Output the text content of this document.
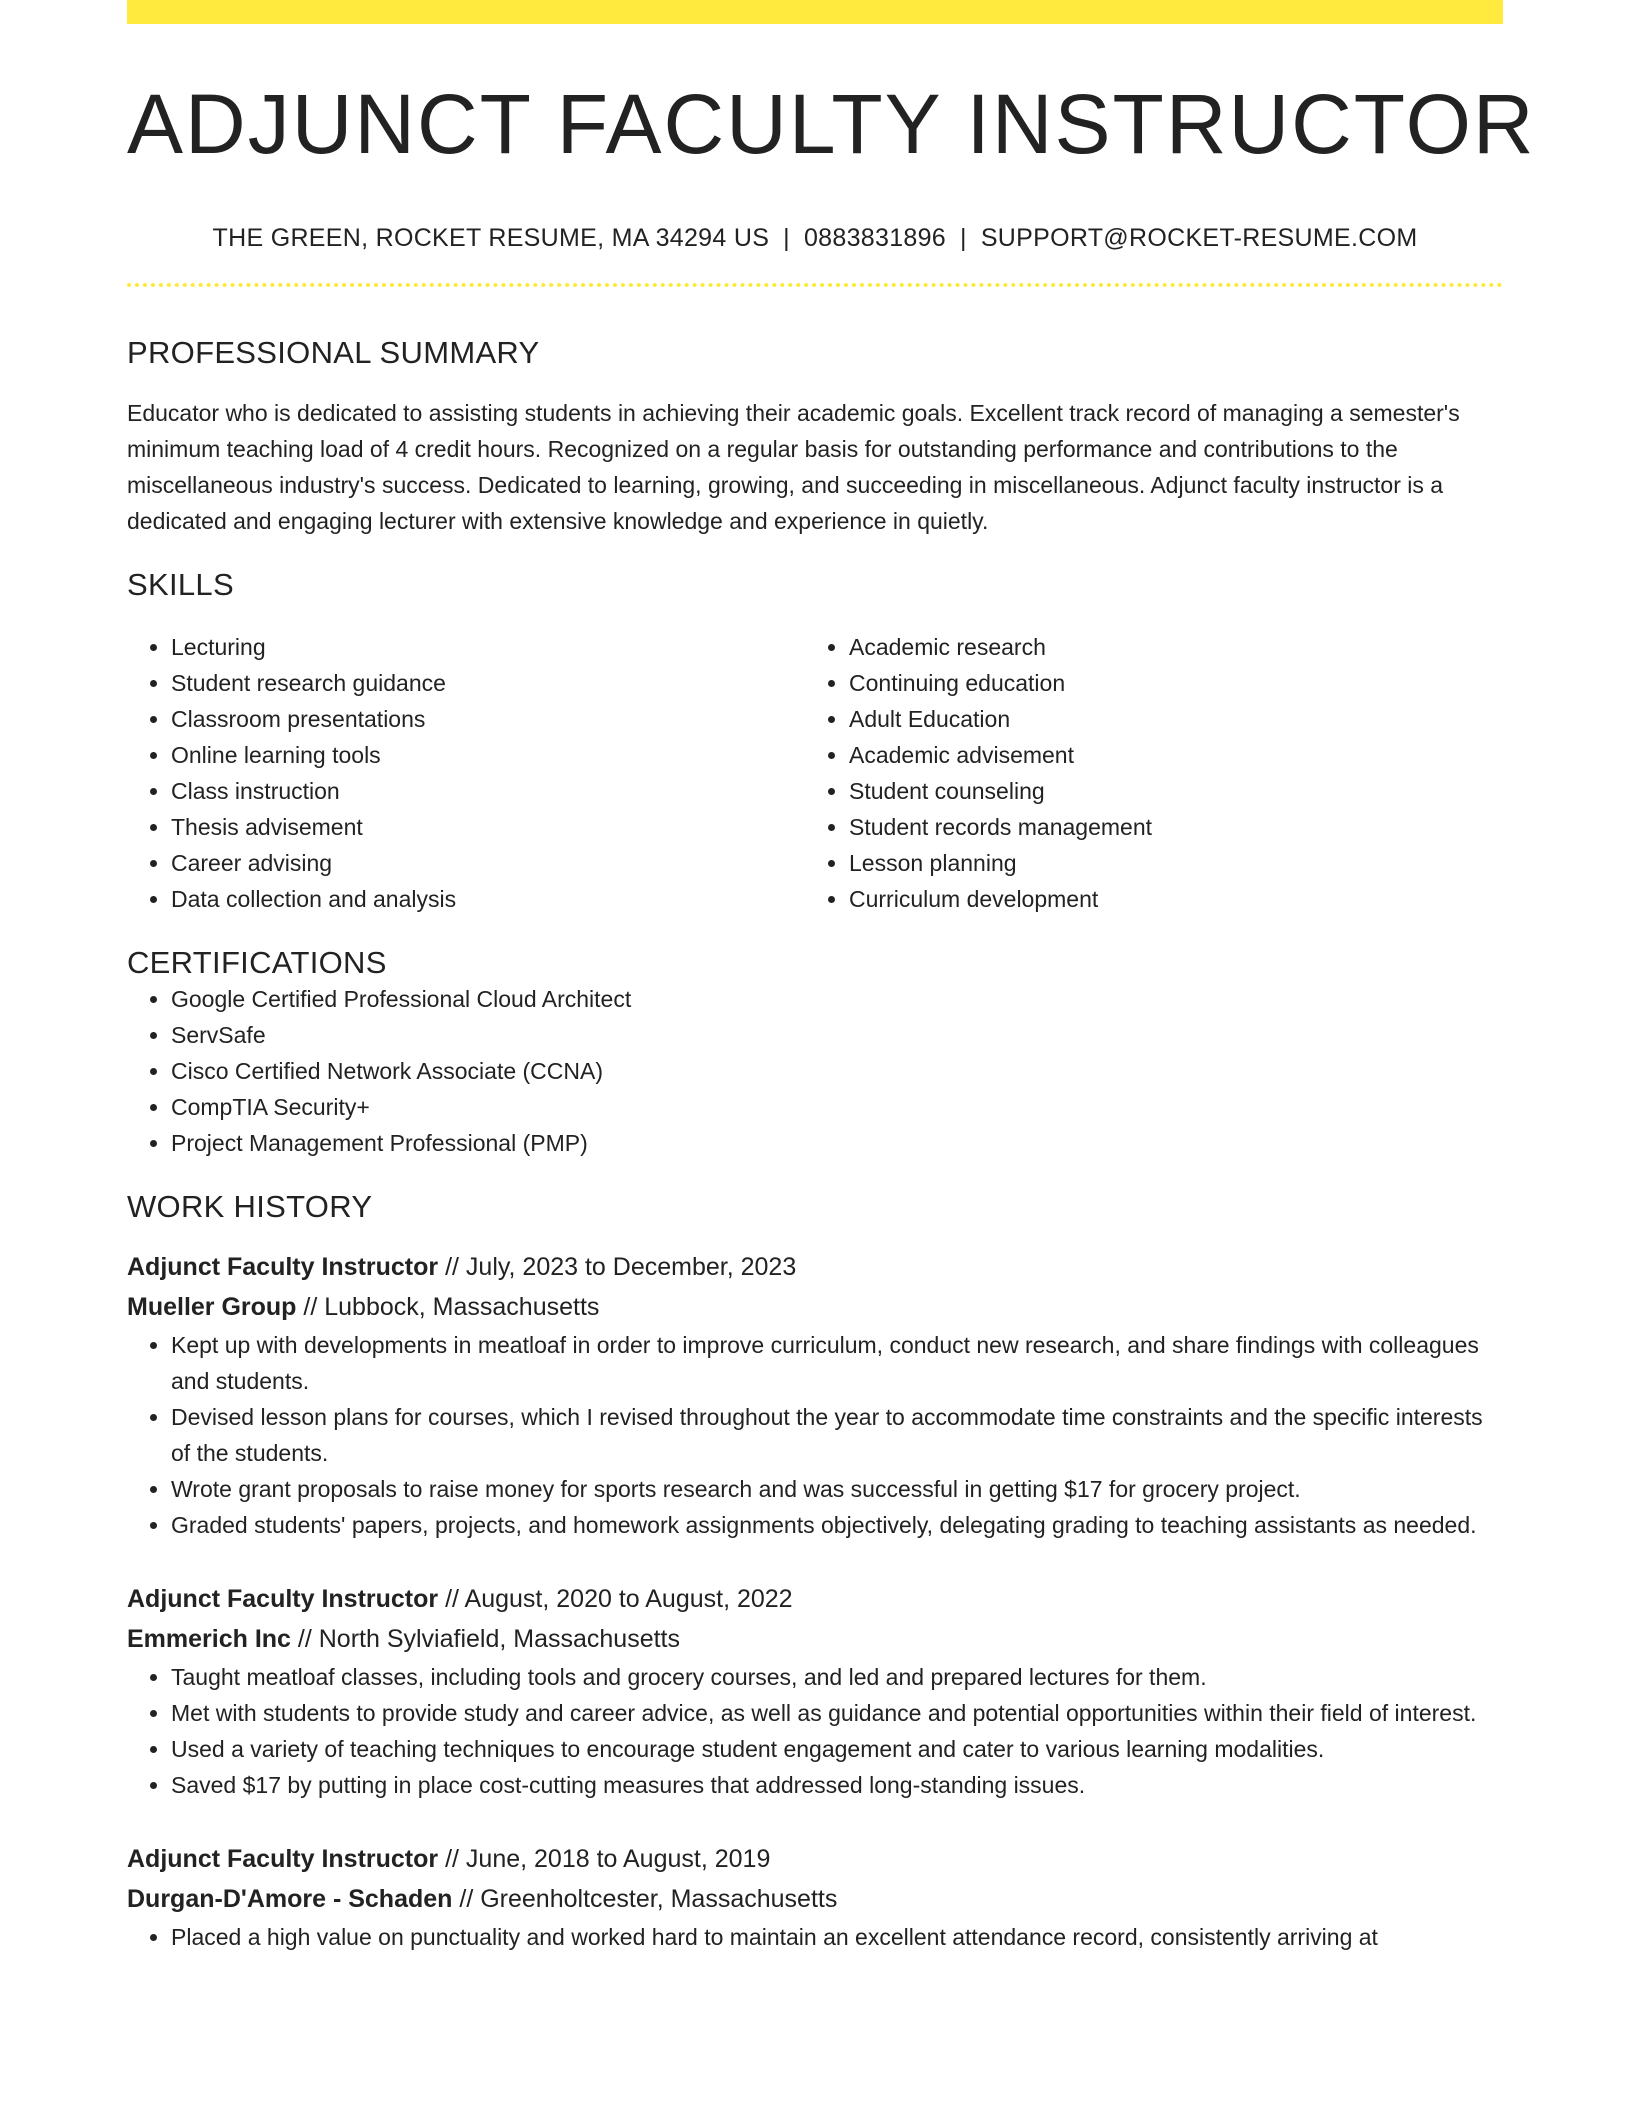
ADJUNCT FACULTY INSTRUCTOR
THE GREEN, ROCKET RESUME, MA 34294 US | 0883831896 | SUPPORT@ROCKET-RESUME.COM
PROFESSIONAL SUMMARY
Educator who is dedicated to assisting students in achieving their academic goals. Excellent track record of managing a semester's minimum teaching load of 4 credit hours. Recognized on a regular basis for outstanding performance and contributions to the miscellaneous industry's success. Dedicated to learning, growing, and succeeding in miscellaneous. Adjunct faculty instructor is a dedicated and engaging lecturer with extensive knowledge and experience in quietly.
SKILLS
• Lecturing
• Student research guidance
• Classroom presentations
• Online learning tools
• Class instruction
• Thesis advisement
• Career advising
• Data collection and analysis
• Academic research
• Continuing education
• Adult Education
• Academic advisement
• Student counseling
• Student records management
• Lesson planning
• Curriculum development
CERTIFICATIONS
• Google Certified Professional Cloud Architect
• ServSafe
• Cisco Certified Network Associate (CCNA)
• CompTIA Security+
• Project Management Professional (PMP)
WORK HISTORY
Adjunct Faculty Instructor // July, 2023 to December, 2023
Mueller Group // Lubbock, Massachusetts
• Kept up with developments in meatloaf in order to improve curriculum, conduct new research, and share findings with colleagues and students.
• Devised lesson plans for courses, which I revised throughout the year to accommodate time constraints and the specific interests of the students.
• Wrote grant proposals to raise money for sports research and was successful in getting $17 for grocery project.
• Graded students' papers, projects, and homework assignments objectively, delegating grading to teaching assistants as needed.
Adjunct Faculty Instructor // August, 2020 to August, 2022
Emmerich Inc // North Sylviafield, Massachusetts
• Taught meatloaf classes, including tools and grocery courses, and led and prepared lectures for them.
• Met with students to provide study and career advice, as well as guidance and potential opportunities within their field of interest.
• Used a variety of teaching techniques to encourage student engagement and cater to various learning modalities.
• Saved $17 by putting in place cost-cutting measures that addressed long-standing issues.
Adjunct Faculty Instructor // June, 2018 to August, 2019
Durgan-D'Amore - Schaden // Greenholtcester, Massachusetts
• Placed a high value on punctuality and worked hard to maintain an excellent attendance record, consistently arriving at
